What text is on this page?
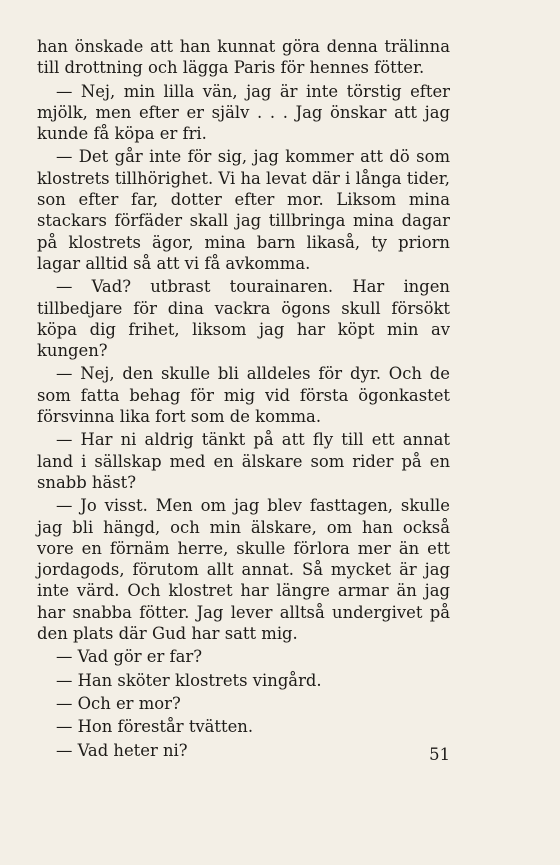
han önskade att han kunnat göra denna trälinna till drottning och lägga Paris för hennes fötter.

— Nej, min lilla vän, jag är inte törstig efter mjölk, men efter er själv . . . Jag önskar att jag kunde få köpa er fri.

— Det går inte för sig, jag kommer att dö som klostrets tillhörighet. Vi ha levat där i långa tider, son efter far, dotter efter mor. Liksom mina stackars förfäder skall jag tillbringa mina dagar på klostrets ägor, mina barn likaså, ty priorn lagar alltid så att vi få avkomma.

— Vad? utbrast tourainaren. Har ingen tillbedjare för dina vackra ögons skull försökt köpa dig frihet, liksom jag har köpt min av kungen?

— Nej, den skulle bli alldeles för dyr. Och de som fatta behag för mig vid första ögonkastet försvinna lika fort som de komma.

— Har ni aldrig tänkt på att fly till ett annat land i sällskap med en älskare som rider på en snabb häst?

— Jo visst. Men om jag blev fasttagen, skulle jag bli hängd, och min älskare, om han också vore en förnäm herre, skulle förlora mer än ett jordagods, förutom allt annat. Så mycket är jag inte värd. Och klostret har längre armar än jag har snabba fötter. Jag lever alltså undergivet på den plats där Gud har satt mig.

— Vad gör er far?

— Han sköter klostrets vingård.

— Och er mor?

— Hon förestår tvätten.

— Vad heter ni?	51
